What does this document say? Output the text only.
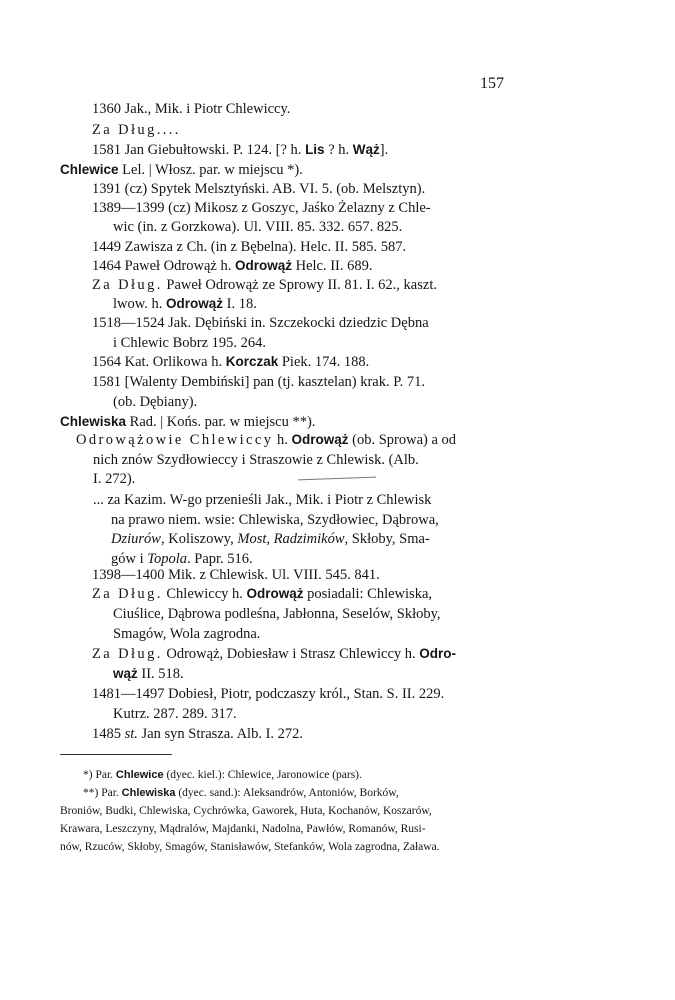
157
1360 Jak., Mik. i Piotr Chlewiccy.
Za Dług....
1581 Jan Giebułtowski. P. 124. [? h. Lis ? h. Wąż].
Chlewice Lel. | Włosz. par. w miejscu *).
1391 (cz) Spytek Melsztyński. AB. VI. 5. (ob. Melsztyn).
1389—1399 (cz) Mikosz z Goszyc, Jaśko Żelazny z Chle-
wic (in. z Gorzkowa). Ul. VIII. 85. 332. 657. 825.
1449 Zawisza z Ch. (in z Bębelna). Helc. II. 585. 587.
1464 Paweł Odrowąż h. Odrowąż Helc. II. 689.
Za Dług. Paweł Odrowąż ze Sprowy II. 81. I. 62., kaszt.
lwow. h. Odrowąż I. 18.
1518—1524 Jak. Dębiński in. Szczekocki dziedzic Dębna
i Chlewic Bobrz 195. 264.
1564 Kat. Orlikowa h. Korczak Piek. 174. 188.
1581 [Walenty Dembiński] pan (tj. kasztelan) krak. P. 71.
(ob. Dębiany).
Chlewiska Rad. | Końs. par. w miejscu **).
Odrowążowie Chlewiccy h. Odrowąż (ob. Sprowa) a od
nich znów Szydłowieccy i Straszowie z Chlewisk. (Alb.
I. 272).
... za Kazim. W-go przenieśli Jak., Mik. i Piotr z Chlewisk
na prawo niem. wsie: Chlewiska, Szydłowiec, Dąbrowa,
Dziurów, Koliszowy, Most, Radzimików, Skłoby, Sma-
gów i Topola. Papr. 516.
1398—1400 Mik. z Chlewisk. Ul. VIII. 545. 841.
Za Dług. Chlewiccy h. Odrowąż posiadali: Chlewiska,
Ciuślice, Dąbrowa podleśna, Jabłonna, Seselów, Skłoby,
Smagów, Wola zagrodna.
Za Dług. Odrowąż, Dobiesław i Strasz Chlewiccy h. Odro-
wąż II. 518.
1481—1497 Dobiesł, Piotr, podczaszy król., Stan. S. II. 229.
Kutrz. 287. 289. 317.
1485 st. Jan syn Strasza. Alb. I. 272.
*) Par. Chlewice (dyec. kiel.): Chlewice, Jaronowice (pars).
**) Par. Chlewiska (dyec. sand.): Aleksandrów, Antoniów, Borków,
Broniów, Budki, Chlewiska, Cychrówka, Gaworek, Huta, Kochanów, Koszarów,
Krawara, Leszczyny, Mądralów, Majdanki, Nadolna, Pawłów, Romanów, Rusi-
nów, Rzuców, Skłoby, Smagów, Stanisławów, Stefanków, Wola zagrodna, Zaława.
